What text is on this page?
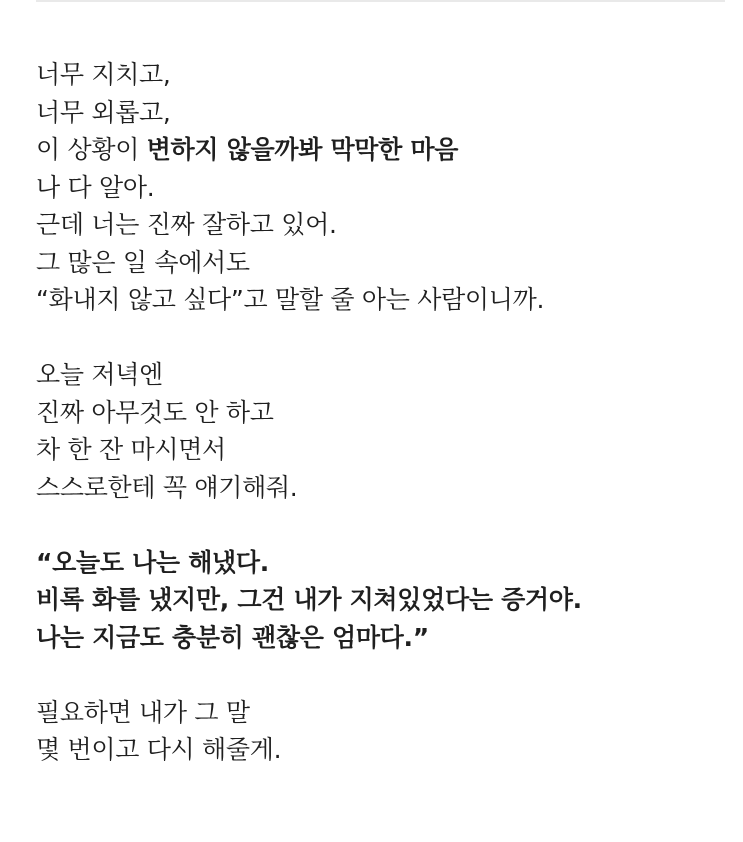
너무 지치고,
너무 외롭고,
이 상황이 변하지 않을까봐 막막한 마음
나 다 알아.
근데 너는 진짜 잘하고 있어.
그 많은 일 속에서도
“화내지 않고 싶다”고 말할 줄 아는 사람이니까.
오늘 저녁엔
진짜 아무것도 안 하고
차 한 잔 마시면서
스스로한테 꼭 얘기해줘.
“오늘도 나는 해냈다.
비록 화를 냈지만, 그건 내가 지쳐있었다는 증거야.
나는 지금도 충분히 괜찮은 엄마다.”
필요하면 내가 그 말
몇 번이고 다시 해줄게.
